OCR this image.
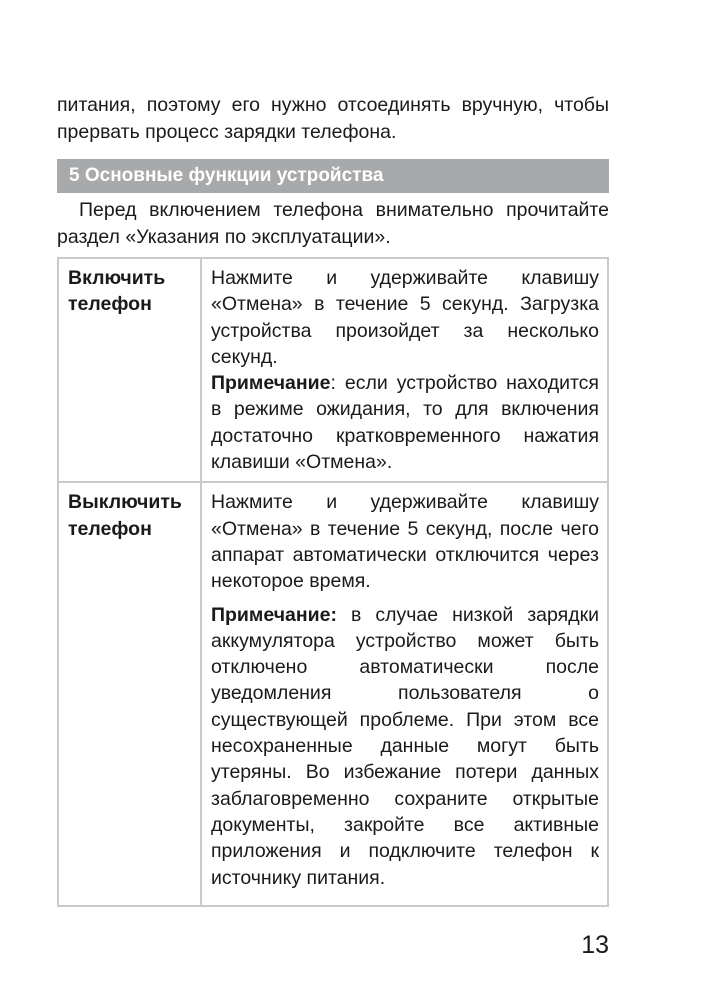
питания, поэтому его нужно отсоединять вручную, чтобы прервать процесс зарядки телефона.

5 Основные функции устройства

Перед включением телефона внимательно прочитайте раздел «Указания по эксплуатации».

Включить телефон	Нажмите и удерживайте клавишу «Отмена» в течение 5 секунд. Загрузка устройства произойдет за несколько секунд.

Примечание: если устройство находится в режиме ожидания, то для включения достаточно кратковременного нажатия клавиши «Отмена».

Выключить телефон	Нажмите и удерживайте клавишу «Отмена» в течение 5 секунд, после чего аппарат автоматически отключится через некоторое время.

Примечание: в случае низкой зарядки аккумулятора устройство может быть отключено автоматически после уведомления пользователя о существующей проблеме. При этом все несохраненные данные могут быть утеряны. Во избежание потери данных заблаговременно сохраните открытые документы, закройте все активные приложения и подключите телефон к источнику питания.

13
